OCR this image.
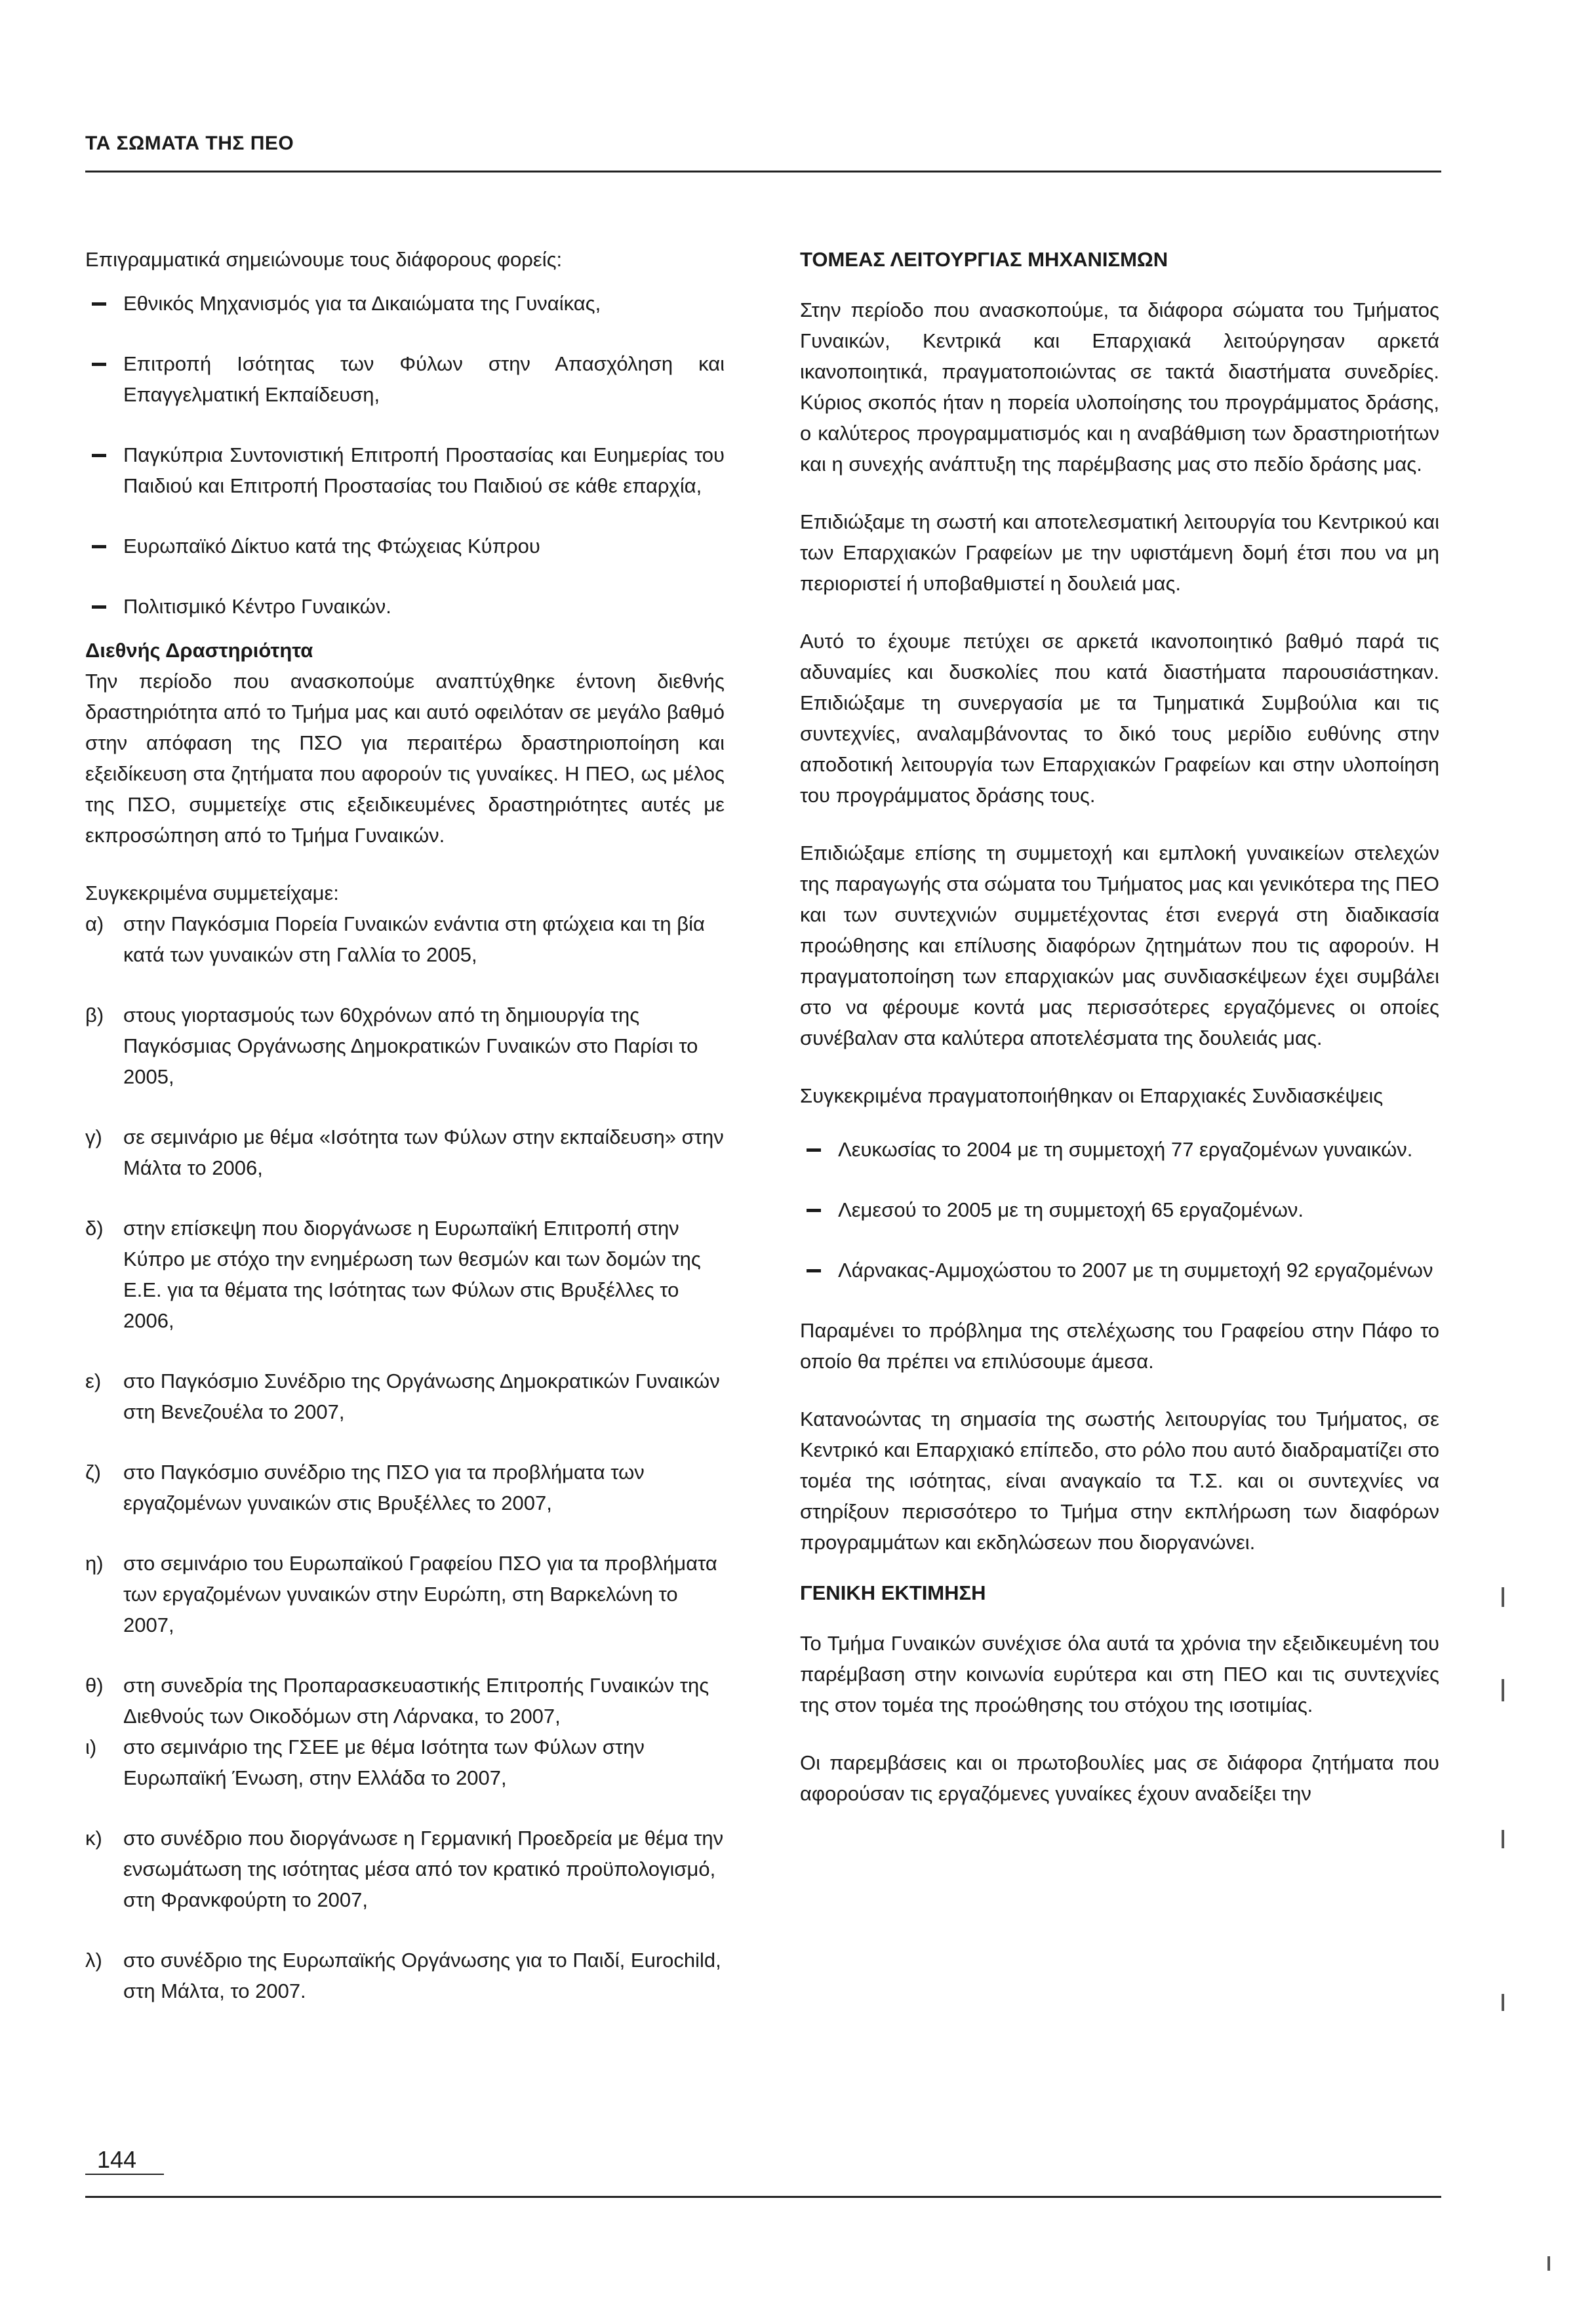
ΤΑ ΣΩΜΑΤΑ ΤΗΣ ΠΕΟ

Επιγραμματικά σημειώνουμε τους διάφορους φορείς:

Εθνικός Μηχανισμός για τα Δικαιώματα της Γυναίκας,
Επιτροπή Ισότητας των Φύλων στην Απασχόληση και Επαγγελματική Εκπαίδευση,
Παγκύπρια Συντονιστική Επιτροπή Προστασίας και Ευημερίας του Παιδιού και Επιτροπή Προστασίας του Παιδιού σε κάθε επαρχία,
Ευρωπαϊκό Δίκτυο κατά της Φτώχειας Κύπρου
Πολιτισμικό Κέντρο Γυναικών.
Διεθνής Δραστηριότητα

Την περίοδο που ανασκοπούμε αναπτύχθηκε έντονη διεθνής δραστηριότητα από το Τμήμα μας και αυτό οφειλόταν σε μεγάλο βαθμό στην απόφαση της ΠΣΟ για περαιτέρω δραστηριοποίηση και εξειδίκευση στα ζητήματα που αφορούν τις γυναίκες. Η ΠΕΟ, ως μέλος της ΠΣΟ, συμμετείχε στις εξειδικευμένες δραστηριότητες αυτές με εκπροσώπηση από το Τμήμα Γυναικών.

Συγκεκριμένα συμμετείχαμε:

α) στην Παγκόσμια Πορεία Γυναικών ενάντια στη φτώχεια και τη βία κατά των γυναικών στη Γαλλία το 2005,
β) στους γιορτασμούς των 60χρόνων από τη δημιουργία της Παγκόσμιας Οργάνωσης Δημοκρατικών Γυναικών στο Παρίσι το 2005,
γ) σε σεμινάριο με θέμα «Ισότητα των Φύλων στην εκπαίδευση» στην Μάλτα το 2006,
δ) στην επίσκεψη που διοργάνωσε η Ευρωπαϊκή Επιτροπή στην Κύπρο με στόχο την ενημέρωση των θεσμών και των δομών της Ε.Ε. για τα θέματα της Ισότητας των Φύλων στις Βρυξέλλες το 2006,
ε) στο Παγκόσμιο Συνέδριο της Οργάνωσης Δημοκρατικών Γυναικών στη Βενεζουέλα το 2007,
ζ) στο Παγκόσμιο συνέδριο της ΠΣΟ για τα προβλήματα των εργαζομένων γυναικών στις Βρυξέλλες το 2007,
η) στο σεμινάριο του Ευρωπαϊκού Γραφείου ΠΣΟ για τα προβλήματα των εργαζομένων γυναικών στην Ευρώπη, στη Βαρκελώνη το 2007,
θ) στη συνεδρία της Προπαρασκευαστικής Επιτροπής Γυναικών της Διεθνούς των Οικοδόμων στη Λάρνακα, το 2007,
ι) στο σεμινάριο της ΓΣΕΕ με θέμα Ισότητα των Φύλων στην Ευρωπαϊκή Ένωση, στην Ελλάδα το 2007,
κ) στο συνέδριο που διοργάνωσε η Γερμανική Προεδρεία με θέμα την ενσωμάτωση της ισότητας μέσα από τον κρατικό προϋπολογισμό, στη Φρανκφούρτη το 2007,
λ) στο συνέδριο της Ευρωπαϊκής Οργάνωσης για το Παιδί, Eurochild, στη Μάλτα, το 2007.
ΤΟΜΕΑΣ ΛΕΙΤΟΥΡΓΙΑΣ ΜΗΧΑΝΙΣΜΩΝ

Στην περίοδο που ανασκοπούμε, τα διάφορα σώματα του Τμήματος Γυναικών, Κεντρικά και Επαρχιακά λειτούργησαν αρκετά ικανοποιητικά, πραγματοποιώντας σε τακτά διαστήματα συνεδρίες. Κύριος σκοπός ήταν η πορεία υλοποίησης του προγράμματος δράσης, ο καλύτερος προγραμματισμός και η αναβάθμιση των δραστηριοτήτων και η συνεχής ανάπτυξη της παρέμβασης μας στο πεδίο δράσης μας.

Επιδιώξαμε τη σωστή και αποτελεσματική λειτουργία του Κεντρικού και των Επαρχιακών Γραφείων με την υφιστάμενη δομή έτσι που να μη περιοριστεί ή υποβαθμιστεί η δουλειά μας.

Αυτό το έχουμε πετύχει σε αρκετά ικανοποιητικό βαθμό παρά τις αδυναμίες και δυσκολίες που κατά διαστήματα παρουσιάστηκαν. Επιδιώξαμε τη συνεργασία με τα Τμηματικά Συμβούλια και τις συντεχνίες, αναλαμβάνοντας το δικό τους μερίδιο ευθύνης στην αποδοτική λειτουργία των Επαρχιακών Γραφείων και στην υλοποίηση του προγράμματος δράσης τους.

Επιδιώξαμε επίσης τη συμμετοχή και εμπλοκή γυναικείων στελεχών της παραγωγής στα σώματα του Τμήματος μας και γενικότερα της ΠΕΟ και των συντεχνιών συμμετέχοντας έτσι ενεργά στη διαδικασία προώθησης και επίλυσης διαφόρων ζητημάτων που τις αφορούν. Η πραγματοποίηση των επαρχιακών μας συνδιασκέψεων έχει συμβάλει στο να φέρουμε κοντά μας περισσότερες εργαζόμενες οι οποίες συνέβαλαν στα καλύτερα αποτελέσματα της δουλειάς μας.

Συγκεκριμένα πραγματοποιήθηκαν οι Επαρχιακές Συνδιασκέψεις

Λευκωσίας το 2004 με τη συμμετοχή 77 εργαζομένων γυναικών.
Λεμεσού το 2005 με τη συμμετοχή 65 εργαζομένων.
Λάρνακας-Αμμοχώστου το 2007 με τη συμμετοχή 92 εργαζομένων

Παραμένει το πρόβλημα της στελέχωσης του Γραφείου στην Πάφο το οποίο θα πρέπει να επιλύσουμε άμεσα.

Κατανοώντας τη σημασία της σωστής λειτουργίας του Τμήματος, σε Κεντρικό και Επαρχιακό επίπεδο, στο ρόλο που αυτό διαδραματίζει στο τομέα της ισότητας, είναι αναγκαίο τα Τ.Σ. και οι συντεχνίες να στηρίξουν περισσότερο το Τμήμα στην εκπλήρωση των διαφόρων προγραμμάτων και εκδηλώσεων που διοργανώνει.

ΓΕΝΙΚΗ ΕΚΤΙΜΗΣΗ

Το Τμήμα Γυναικών συνέχισε όλα αυτά τα χρόνια την εξειδικευμένη του παρέμβαση στην κοινωνία ευρύτερα και στη ΠΕΟ και τις συντεχνίες της στον τομέα της προώθησης του στόχου της ισοτιμίας.

Οι παρεμβάσεις και οι πρωτοβουλίες μας σε διάφορα ζητήματα που αφορούσαν τις εργαζόμενες γυναίκες έχουν αναδείξει την

144
